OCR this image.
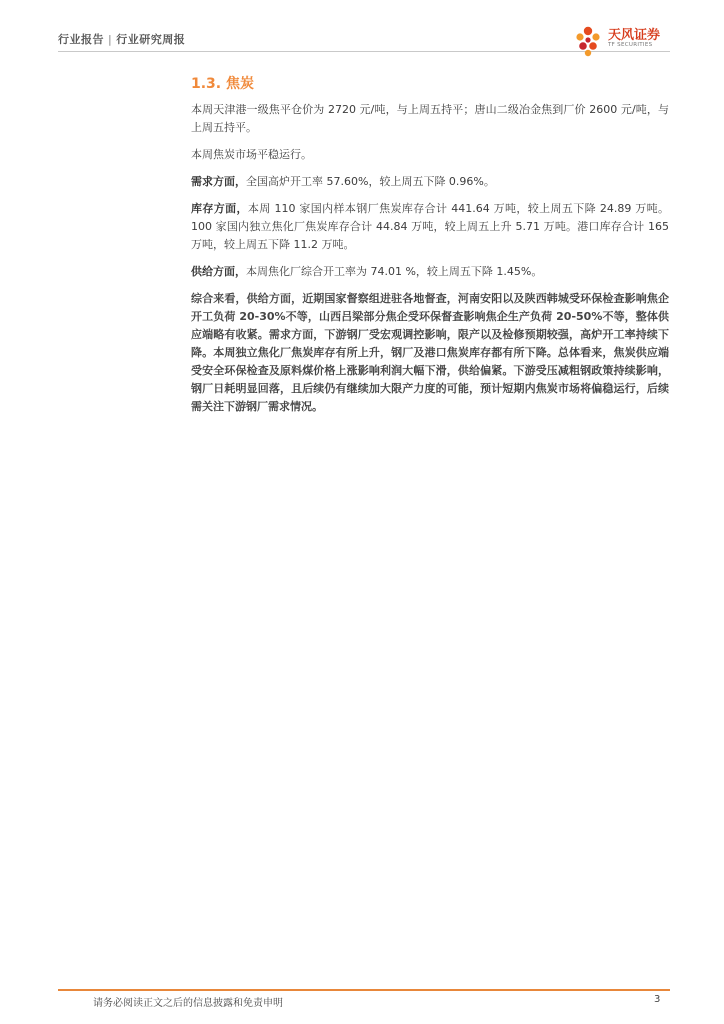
行业报告 | 行业研究周报	天风证券
TF SECURITIES
1.3. 焦炭

本周天津港一级焦平仓价为 2720 元/吨，与上周五持平；唐山二级冶金焦到厂价 2600 元/吨，与上周五持平。

本周焦炭市场平稳运行。

需求方面，全国高炉开工率 57.60%，较上周五下降 0.96%。

库存方面，本周 110 家国内样本钢厂焦炭库存合计 441.64 万吨，较上周五下降 24.89 万吨。100 家国内独立焦化厂焦炭库存合计 44.84 万吨，较上周五上升 5.71 万吨。港口库存合计 165 万吨，较上周五下降 11.2 万吨。

供给方面，本周焦化厂综合开工率为 74.01 %，较上周五下降 1.45%。

综合来看，供给方面，近期国家督察组进驻各地督查，河南安阳以及陕西韩城受环保检查影响焦企开工负荷 20-30%不等，山西吕梁部分焦企受环保督查影响焦企生产负荷 20-50%不等，整体供应端略有收紧。需求方面，下游钢厂受宏观调控影响，限产以及检修预期较强，高炉开工率持续下降。本周独立焦化厂焦炭库存有所上升，钢厂及港口焦炭库存都有所下降。总体看来，焦炭供应端受安全环保检查及原料煤价格上涨影响利润大幅下滑，供给偏紧。下游受压减粗钢政策持续影响，钢厂日耗明显回落，且后续仍有继续加大限产力度的可能，预计短期内焦炭市场将偏稳运行，后续需关注下游钢厂需求情况。

请务必阅读正文之后的信息披露和免责申明	3
